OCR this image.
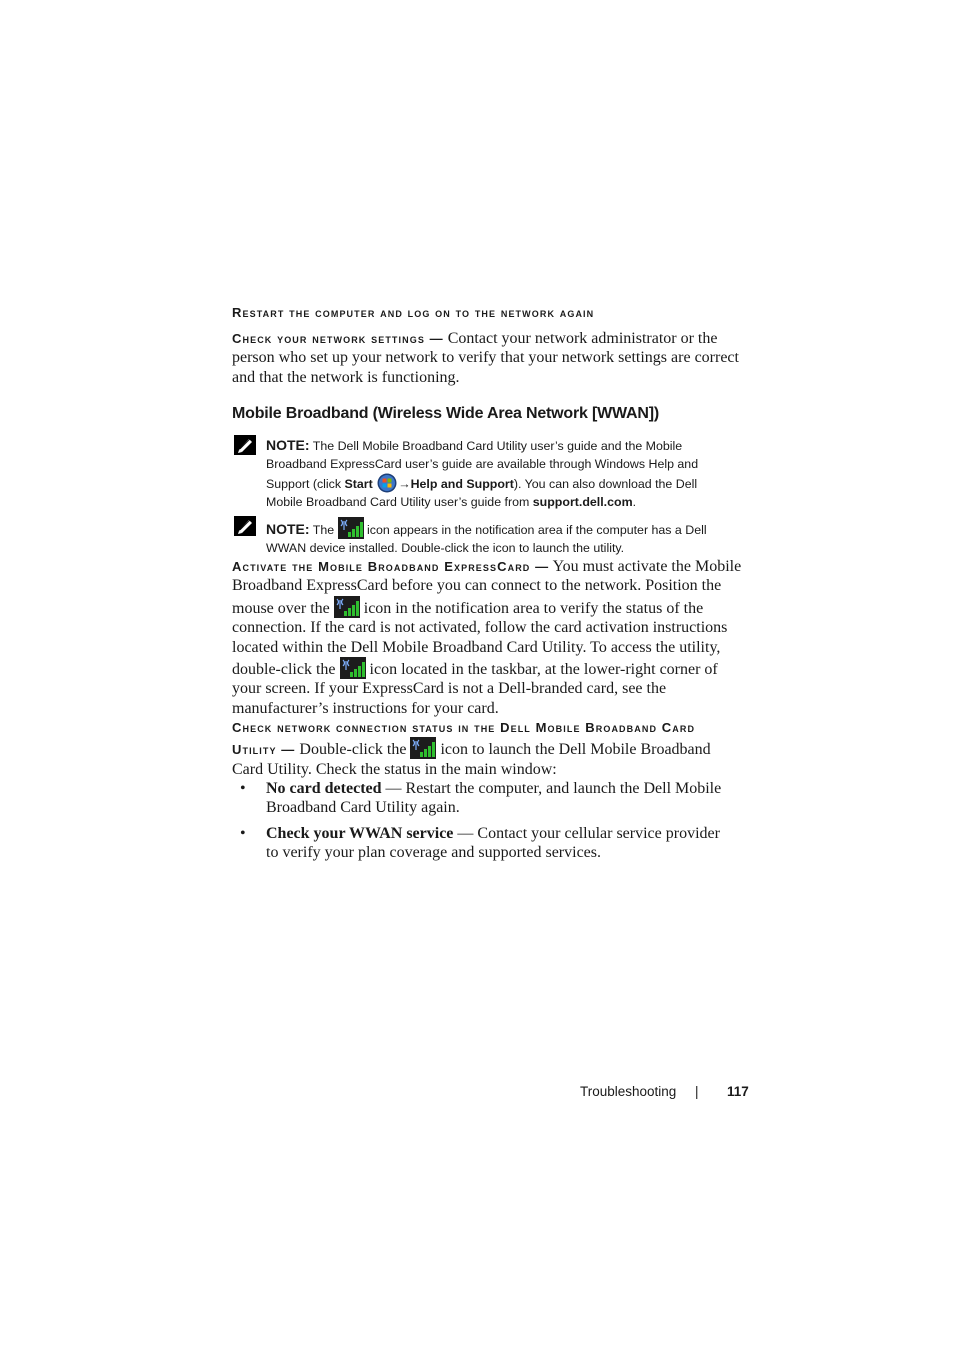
Restart the computer and log on to the network again
Check your network settings — Contact your network administrator or the person who set up your network to verify that your network settings are correct and that the network is functioning.
Mobile Broadband (Wireless Wide Area Network [WWAN])
NOTE: The Dell Mobile Broadband Card Utility user’s guide and the Mobile Broadband ExpressCard user’s guide are available through Windows Help and Support (click Start →Help and Support). You can also download the Dell Mobile Broadband Card Utility user’s guide from support.dell.com.
NOTE: The	icon appears in the notification area if the computer has a Dell WWAN device installed. Double-click the icon to launch the utility.
Activate the Mobile Broadband ExpressCard — You must activate the Mobile Broadband ExpressCard before you can connect to the network. Position the mouse over the icon in the notification area to verify the status of the connection. If the card is not activated, follow the card activation instructions located within the Dell Mobile Broadband Card Utility. To access the utility, double-click the icon located in the taskbar, at the lower-right corner of your screen. If your ExpressCard is not a Dell-branded card, see the manufacturer’s instructions for your card.
Check network connection status in the Dell Mobile Broadband Card Utility — Double-click the icon to launch the Dell Mobile Broadband Card Utility. Check the status in the main window:
• No card detected — Restart the computer, and launch the Dell Mobile Broadband Card Utility again.
• Check your WWAN service — Contact your cellular service provider to verify your plan coverage and supported services.
Troubleshooting | 117
